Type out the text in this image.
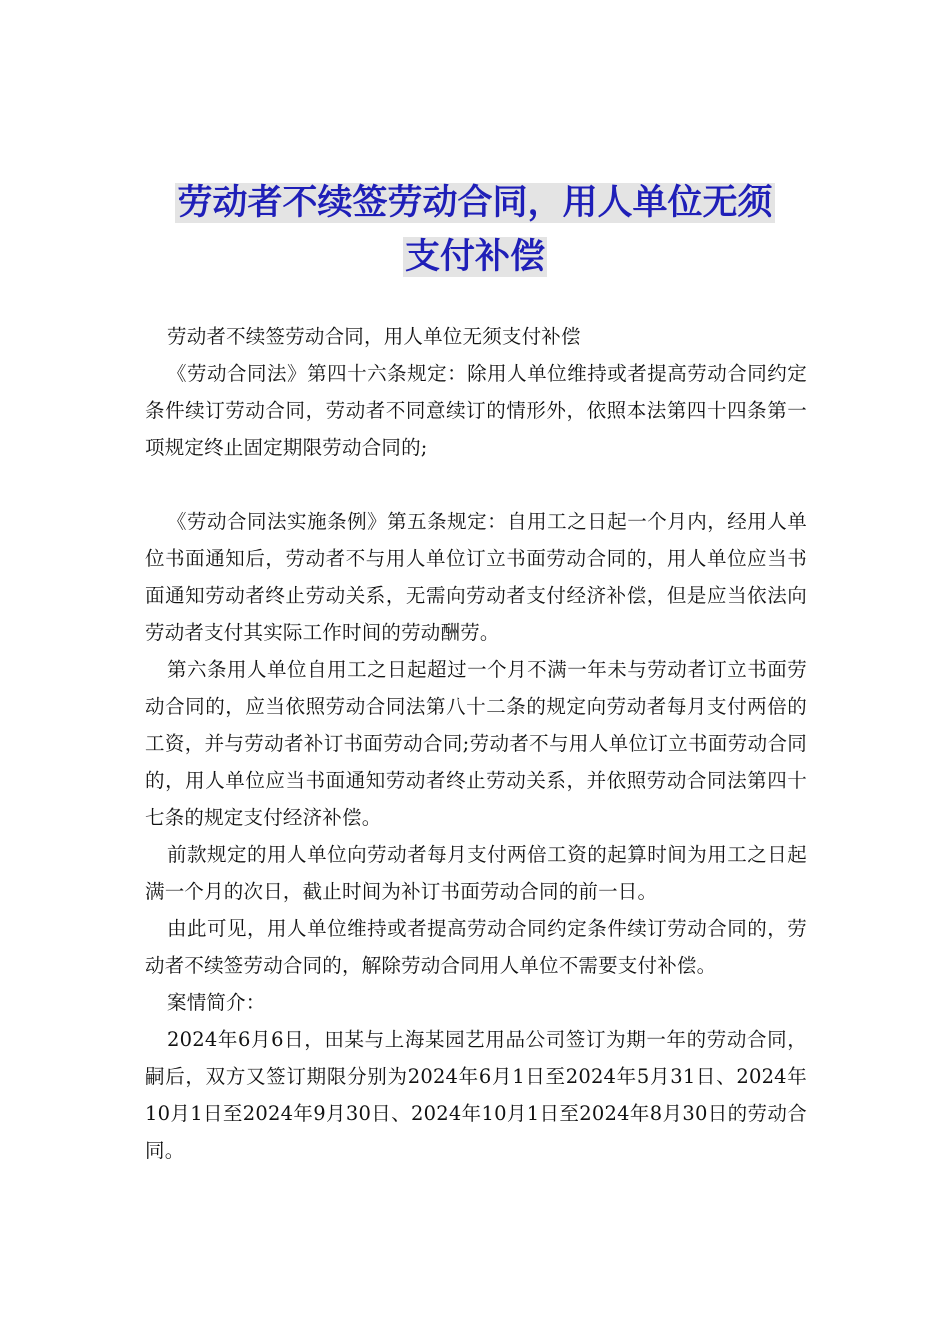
劳动者不续签劳动合同，用人单位无须
支付补偿

劳动者不续签劳动合同，用人单位无须支付补偿

《劳动合同法》第四十六条规定：除用人单位维持或者提高劳动合同约定条件续订劳动合同，劳动者不同意续订的情形外，依照本法第四十四条第一项规定终止固定期限劳动合同的;

《劳动合同法实施条例》第五条规定：自用工之日起一个月内，经用人单位书面通知后，劳动者不与用人单位订立书面劳动合同的，用人单位应当书面通知劳动者终止劳动关系，无需向劳动者支付经济补偿，但是应当依法向劳动者支付其实际工作时间的劳动酬劳。

第六条用人单位自用工之日起超过一个月不满一年未与劳动者订立书面劳动合同的，应当依照劳动合同法第八十二条的规定向劳动者每月支付两倍的工资，并与劳动者补订书面劳动合同;劳动者不与用人单位订立书面劳动合同的，用人单位应当书面通知劳动者终止劳动关系，并依照劳动合同法第四十七条的规定支付经济补偿。

前款规定的用人单位向劳动者每月支付两倍工资的起算时间为用工之日起满一个月的次日，截止时间为补订书面劳动合同的前一日。

由此可见，用人单位维持或者提高劳动合同约定条件续订劳动合同的，劳动者不续签劳动合同的，解除劳动合同用人单位不需要支付补偿。

案情简介：

2024年6月6日，田某与上海某园艺用品公司签订为期一年的劳动合同，嗣后，双方又签订期限分别为2024年6月1日至2024年5月31日、2024年10月1日至2024年9月30日、2024年10月1日至2024年8月30日的劳动合同。
